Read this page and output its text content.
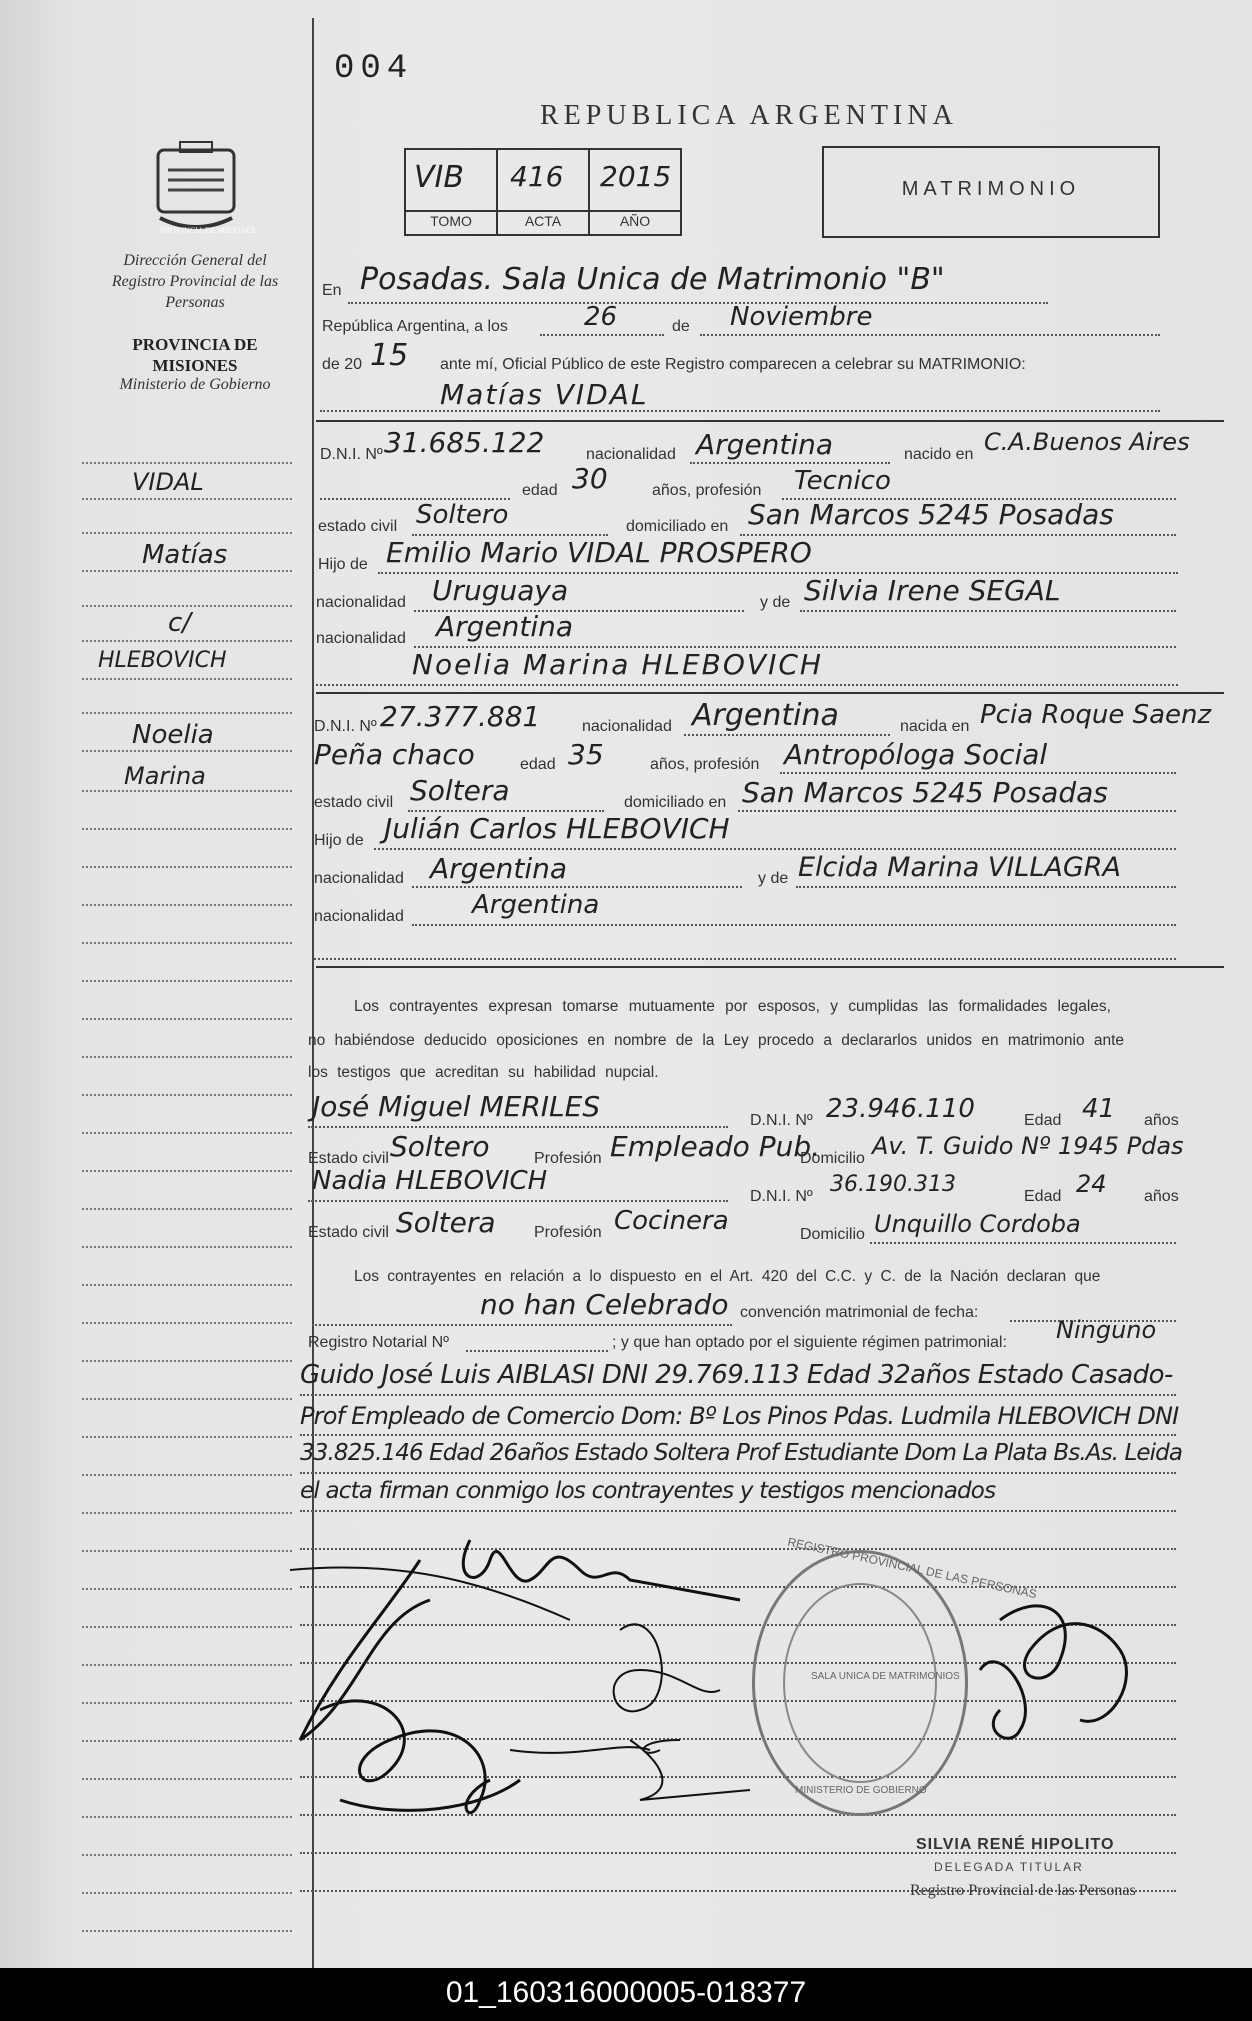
PROVINCIA DE MISIONES
Dirección General del Registro Provincial de las Personas
PROVINCIA DE MISIONES
Ministerio de Gobierno
VIDAL
Matías
c/
HLEBOVICH
Noelia
Marina
004
REPUBLICA ARGENTINA
VIB 416 2015
TOMO	ACTA	AÑO
MATRIMONIO
En Posadas. Sala Unica de Matrimonio "B"
República Argentina, a los	26	de Noviembre
de 20 15 ante mí, Oficial Público de este Registro comparecen a celebrar su MATRIMONIO:
Matías VIDAL
D.N.I. Nº 31.685.122	nacionalidad Argentina	nacido en C.A.Buenos Aires
edad 30	años, profesión Tecnico
estado civil Soltero	domiciliado en San Marcos 5245 Posadas
Hijo de Emilio Mario VIDAL PROSPERO
nacionalidad Uruguaya	y de Silvia Irene SEGAL
nacionalidad Argentina
Noelia Marina HLEBOVICH
D.N.I. Nº 27.377.881	nacionalidad Argentina	nacida en Pcia Roque Saenz
Peña chaco	edad 35	años, profesión Antropóloga Social
estado civil Soltera	domiciliado en San Marcos 5245 Posadas
Hijo de Julián Carlos HLEBOVICH
nacionalidad Argentina	y de Elcida Marina VILLAGRA
nacionalidad	Argentina
Los contrayentes expresan tomarse mutuamente por esposos, y cumplidas las formalidades legales,
no habiéndose deducido oposiciones en nombre de la Ley procedo a declararlos unidos en matrimonio ante
los testigos que acreditan su habilidad nupcial.
José Miguel MERILES	D.N.I. Nº 23.946.110	Edad 41 años
Estado civil Soltero	Profesión Empleado Pub.
Domicilio Av. T. Guido Nº 1945 Pdas
Nadia HLEBOVICH
D.N.I. Nº 36.190.313	Edad 24 años
Estado civil Soltera Profesión Cocinera	Domicilio Unquillo Cordoba
Los contrayentes en relación a lo dispuesto en el Art. 420 del C.C. y C. de la Nación declaran que
no han Celebrado convención matrimonial de fecha:
Registro Notarial Nº	; y que han optado por el siguiente régimen patrimonial: Ninguno
Guido José Luis AIBLASI DNI 29.769.113 Edad 32años Estado Casado-
Prof Empleado de Comercio Dom: Bº Los Pinos Pdas. Ludmila HLEBOVICH DNI
33.825.146 Edad 26años Estado Soltera Prof Estudiante Dom La Plata Bs.As. Leida
el acta firman conmigo los contrayentes y testigos mencionados
REGISTRO PROVINCIAL DE LAS PERSONAS
SALA UNICA DE MATRIMONIOS
MINISTERIO DE GOBIERNO
SILVIA RENÉ HIPOLITO
DELEGADA TITULAR
Registro Provincial de las Personas
01_160316000005-018377
